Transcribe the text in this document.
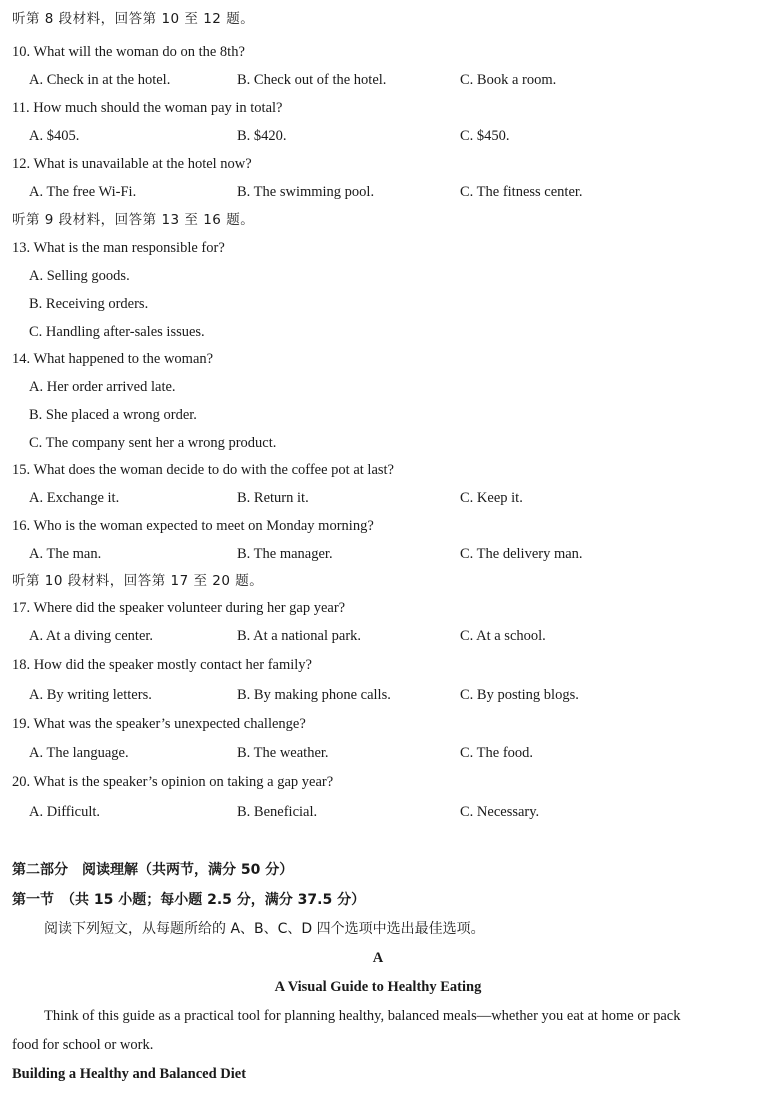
听第 8 段材料，回答第 10 至 12 题。
10. What will the woman do on the 8th?
A. Check in at the hotel.	B. Check out of the hotel.	C. Book a room.
11. How much should the woman pay in total?
A. $405.	B. $420.	C. $450.
12. What is unavailable at the hotel now?
A. The free Wi-Fi.	B. The swimming pool.	C. The fitness center.
听第 9 段材料，回答第 13 至 16 题。
13. What is the man responsible for?
A. Selling goods.
B. Receiving orders.
C. Handling after-sales issues.
14. What happened to the woman?
A. Her order arrived late.
B. She placed a wrong order.
C. The company sent her a wrong product.
15. What does the woman decide to do with the coffee pot at last?
A. Exchange it.	B. Return it.	C. Keep it.
16. Who is the woman expected to meet on Monday morning?
A. The man.	B. The manager.	C. The delivery man.
听第 10 段材料，回答第 17 至 20 题。
17. Where did the speaker volunteer during her gap year?
A. At a diving center.	B. At a national park.	C. At a school.
18. How did the speaker mostly contact her family?
A. By writing letters.	B. By making phone calls.	C. By posting blogs.
19. What was the speaker’s unexpected challenge?
A. The language.	B. The weather.	C. The food.
20. What is the speaker’s opinion on taking a gap year?
A. Difficult.	B. Beneficial.	C. Necessary.
第二部分　阅读理解（共两节，满分 50 分）
第一节　（共 15 小题；每小题 2.5 分，满分 37.5 分）
阅读下列短文，从每题所给的 A、B、C、D 四个选项中选出最佳选项。
A
A Visual Guide to Healthy Eating
Think of this guide as a practical tool for planning healthy, balanced meals—whether you eat at home or pack
food for school or work.
Building a Healthy and Balanced Diet
